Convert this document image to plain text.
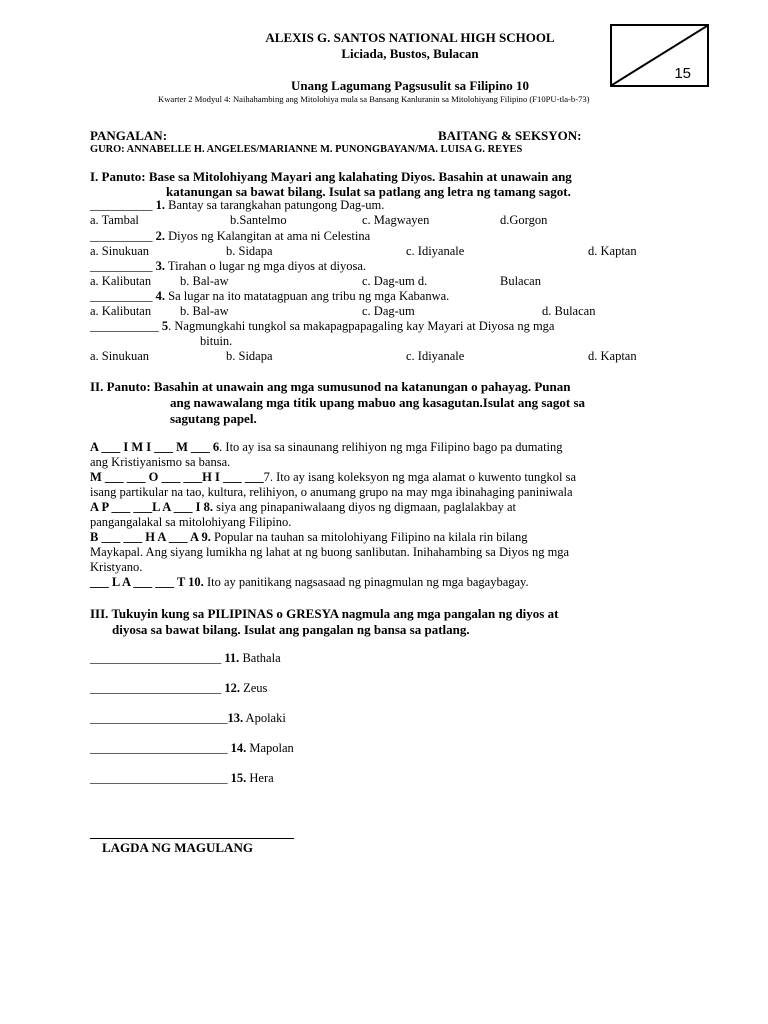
ALEXIS G. SANTOS NATIONAL HIGH SCHOOL
Liciada, Bustos, Bulacan
Unang Lagumang Pagsusulit sa Filipino 10
Kwarter 2 Modyul 4: Naihahambing ang Mitolohiya mula sa Bansang Kanluranin sa Mitolohiyang Filipino (F10PU-tla-b-73)
15
PANGALAN:	BAITANG & SEKSYON:
GURO: ANNABELLE H. ANGELES/MARIANNE M. PUNONGBAYAN/MA. LUISA G. REYES
I. Panuto: Base sa Mitolohiyang Mayari ang kalahating Diyos. Basahin at unawain ang
katanungan sa bawat bilang. Isulat sa patlang ang letra ng tamang sagot.
__________ 1. Bantay sa tarangkahan patungong Dag-um.
a. Tambal	b.Santelmo	c. Magwayen	d.Gorgon
__________ 2. Diyos ng Kalangitan at ama ni Celestina
a. Sinukuan	b. Sidapa	c. Idiyanale	d. Kaptan
__________ 3. Tirahan o lugar ng mga diyos at diyosa.
a. Kalibutan b. Bal-aw	c. Dag-um d.	Bulacan
__________ 4. Sa lugar na ito matatagpuan ang tribu ng mga Kabanwa.
a. Kalibutan b. Bal-aw	c. Dag-um	d. Bulacan
___________ 5. Nagmungkahi tungkol sa makapagpapagaling kay Mayari at Diyosa ng mga
bituin.
a. Sinukuan	b. Sidapa	c. Idiyanale	d. Kaptan
II. Panuto: Basahin at unawain ang mga sumusunod na katanungan o pahayag. Punan
ang nawawalang mga titik upang mabuo ang kasagutan.Isulat ang sagot sa
sagutang papel.
A ___ I M I ___ M ___ 6. Ito ay isa sa sinaunang relihiyon ng mga Filipino bago pa dumating
ang Kristiyanismo sa bansa.
M ___ ___ O ___ ___H I ___ ___7. Ito ay isang koleksyon ng mga alamat o kuwento tungkol sa
isang partikular na tao, kultura, relihiyon, o anumang grupo na may mga ibinahaging paniniwala
A P ___ ___L A ___ I 8. siya ang pinapaniwalaang diyos ng digmaan, paglalakbay at
pangangalakal sa mitolohiyang Filipino.
B ___ ___ H A ___ A 9. Popular na tauhan sa mitolohiyang Filipino na kilala rin bilang
Maykapal. Ang siyang lumikha ng lahat at ng buong sanlibutan. Inihahambing sa Diyos ng mga
Kristyano.
___ L A ___ ___ T 10. Ito ay panitikang nagsasaad ng pinagmulan ng mga bagaybagay.
III. Tukuyin kung sa PILIPINAS o GRESYA nagmula ang mga pangalan ng diyos at
diyosa sa bawat bilang. Isulat ang pangalan ng bansa sa patlang.
_____________________ 11. Bathala
_____________________ 12. Zeus
______________________13. Apolaki
______________________ 14. Mapolan
______________________ 15. Hera
LAGDA NG MAGULANG
